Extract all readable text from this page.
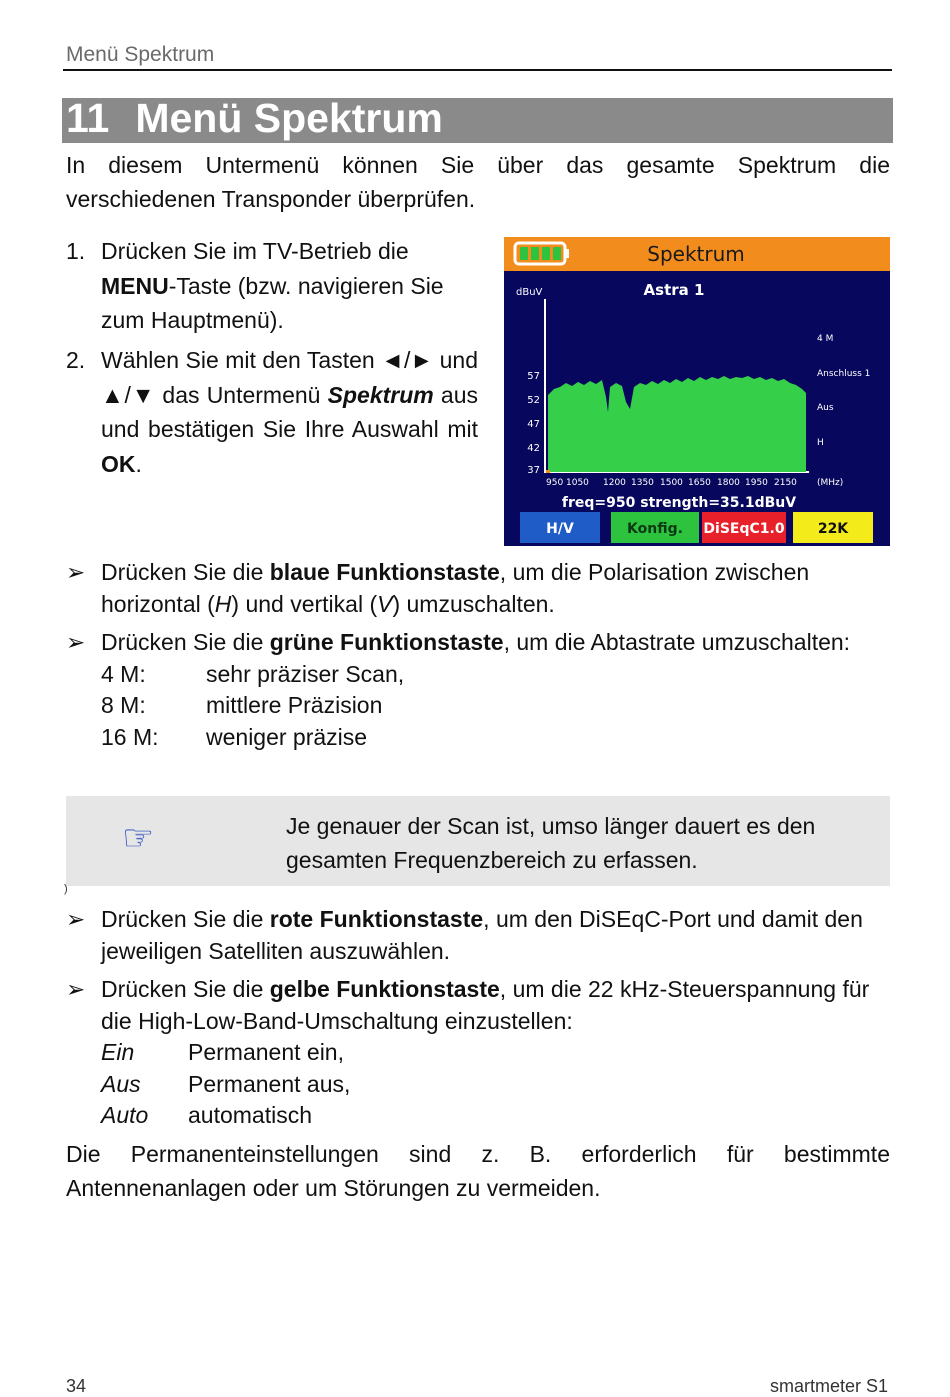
Menü Spektrum
11 Menü Spektrum
In diesem Untermenü können Sie über das gesamte Spektrum die verschiedenen Transponder überprüfen.
1. Drücken Sie im TV-Betrieb die MENU-Taste (bzw. navigieren Sie zum Hauptmenü).
2. Wählen Sie mit den Tasten ◄/► und ▲/▼ das Untermenü Spektrum aus und bestätigen Sie Ihre Auswahl mit OK.
Spektrum
Astra 1
dBuV
57
52
47
42
37
950 1050 1200 1350 1500 1650 1800 1950 2150 (MHz)
4 M
Anschluss 1
Aus
H
freq=950 strength=35.1dBuV
H/V	Konfig. DiSEqC1.0 22K
➢ Drücken Sie die blaue Funktionstaste, um die Polarisation zwischen horizontal (H) und vertikal (V) umzuschalten.
➢ Drücken Sie die grüne Funktionstaste, um die Abtastrate umzuschalten:
4 M:	sehr präziser Scan,
8 M:	mittlere Präzision
16 M: weniger präzise
☞	Je genauer der Scan ist, umso länger dauert es den gesamten Frequenzbereich zu erfassen.
)
➢ Drücken Sie die rote Funktionstaste, um den DiSEqC-Port und damit den jeweiligen Satelliten auszuwählen.
➢ Drücken Sie die gelbe Funktionstaste, um die 22 kHz-Steuerspannung für die High-Low-Band-Umschaltung einzustellen:
Ein Permanent ein,
Aus Permanent aus,
Auto automatisch
Die Permanenteinstellungen sind z. B. erforderlich für bestimmte Antennenanlagen oder um Störungen zu vermeiden.
34	smartmeter S1
